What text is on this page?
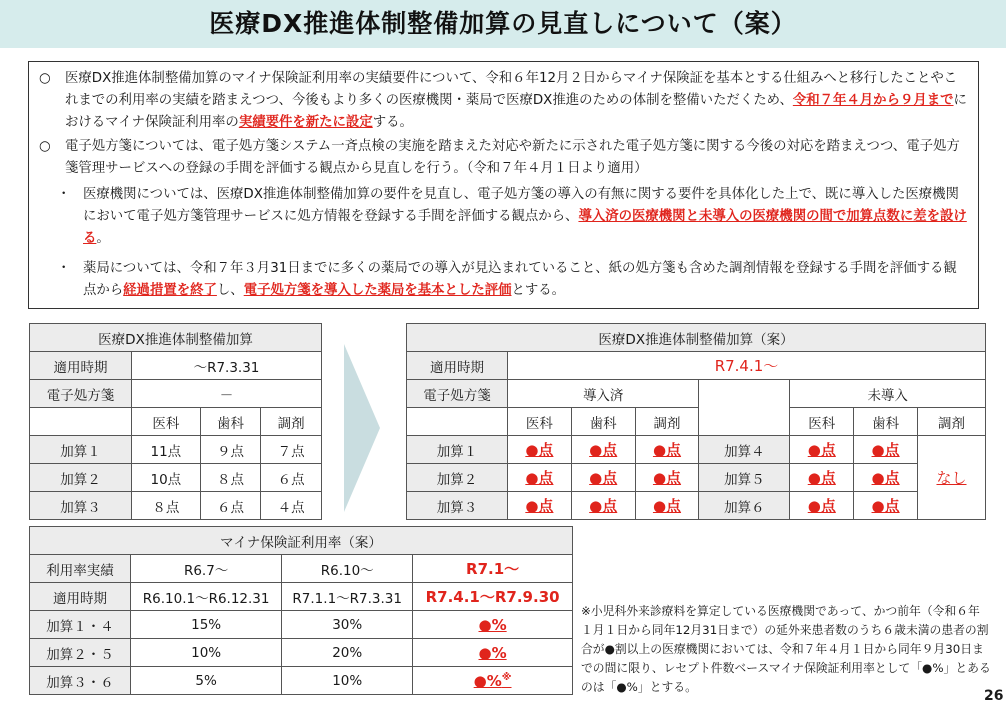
医療DX推進体制整備加算の見直しについて（案）

○	医療DX推進体制整備加算のマイナ保険証利用率の実績要件について、令和６年12月２日からマイナ保険証を基本とする仕組みへと移行したことやこれまでの利用率の実績を踏まえつつ、今後もより多くの医療機関・薬局で医療DX推進のための体制を整備いただくため、令和７年４月から９月までにおけるマイナ保険証利用率の実績要件を新たに設定する。

○	電子処方箋については、電子処方箋システム一斉点検の実施を踏まえた対応や新たに示された電子処方箋に関する今後の対応を踏まえつつ、電子処方箋管理サービスへの登録の手間を評価する観点から見直しを行う。（令和７年４月１日より適用）

・ 医療機関については、医療DX推進体制整備加算の要件を見直し、電子処方箋の導入の有無に関する要件を具体化した上で、既に導入した医療機関において電子処方箋管理サービスに処方情報を登録する手間を評価する観点から、導入済の医療機関と未導入の医療機関の間で加算点数に差を設ける。

・ 薬局については、令和７年３月31日までに多くの薬局での導入が見込まれていること、紙の処方箋も含めた調剤情報を登録する手間を評価する観点から経過措置を終了し、電子処方箋を導入した薬局を基本とした評価とする。

医療DX推進体制整備加算			
適用時期	～R7.3.31		
電子処方箋	－		
	医科	歯科	調剤
加算１	11点	９点	７点
加算２	10点	８点	６点
加算３	８点	６点	４点
医療DX推進体制整備加算（案）							
適用時期	R7.4.1～						
電子処方箋	導入済				未導入		
	医科	歯科	調剤		医科	歯科	調剤
加算１	●点	●点	●点	加算４	●点	●点	なし
加算２	●点	●点	●点	加算５	●点	●点	
加算３	●点	●点	●点	加算６	●点	●点	
マイナ保険証利用率（案）			
利用率実績	R6.7～	R6.10～	R7.1～
適用時期	R6.10.1～R6.12.31	R7.1.1～R7.3.31	R7.4.1～R7.9.30
加算１・４	15%	30%	●%
加算２・５	10%	20%	●%
加算３・６	5%	10%	●%※
※小児科外来診療料を算定している医療機関であって、かつ前年（令和６年１月１日から同年12月31日まで）の延外来患者数のうち６歳未満の患者の割合が●割以上の医療機関においては、令和７年４月１日から同年９月30日までの間に限り、レセプト件数ベースマイナ保険証利用率として「●%」とあるのは「●%」とする。
26
